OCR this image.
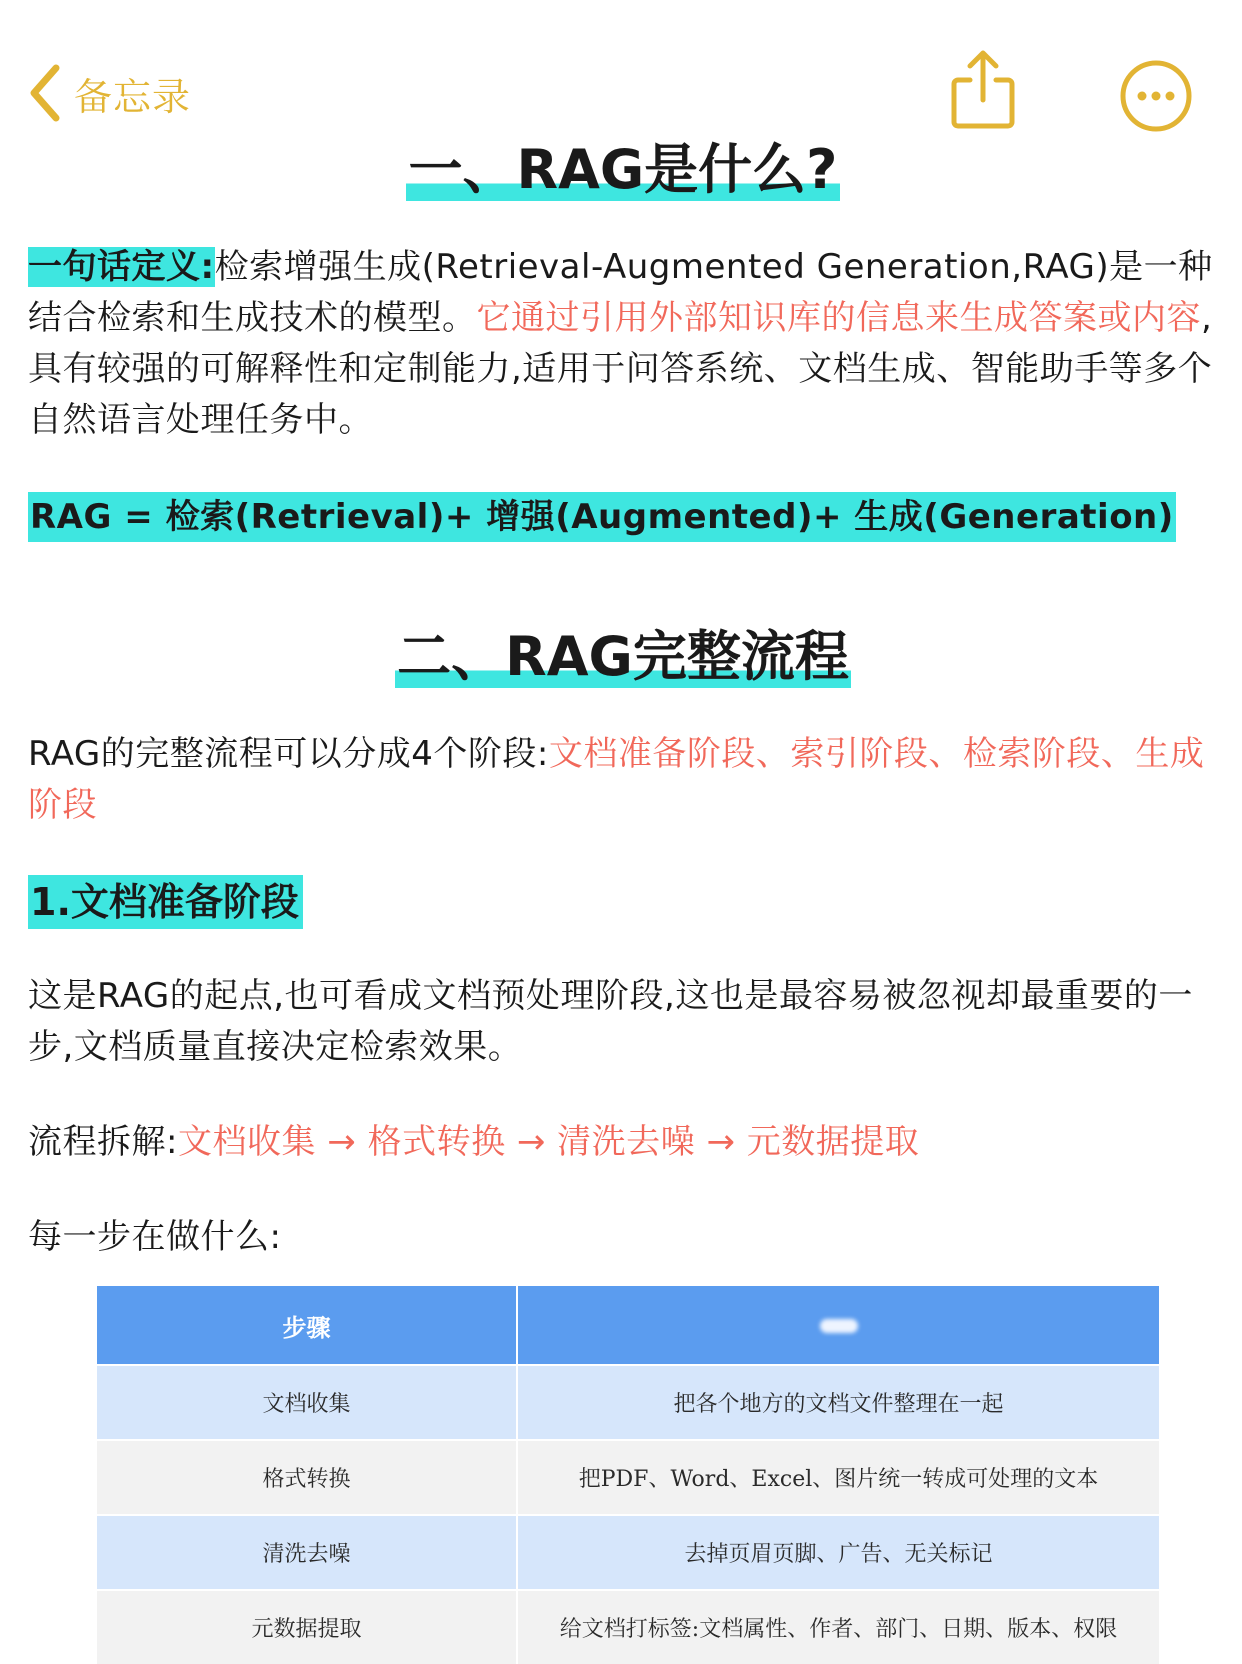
备忘录
一、RAG是什么?

一句话定义:检索增强生成(Retrieval-Augmented Generation,RAG)是一种结合检索和生成技术的模型。它通过引用外部知识库的信息来生成答案或内容,具有较强的可解释性和定制能力,适用于问答系统、文档生成、智能助手等多个自然语言处理任务中。

RAG = 检索(Retrieval)+ 增强(Augmented)+ 生成(Generation)

二、RAG完整流程

RAG的完整流程可以分成4个阶段:文档准备阶段、索引阶段、检索阶段、生成阶段

1.文档准备阶段

这是RAG的起点,也可看成文档预处理阶段,这也是最容易被忽视却最重要的一步,文档质量直接决定检索效果。

流程拆解:文档收集 → 格式转换 → 清洗去噪 → 元数据提取

每一步在做什么:

步骤	
文档收集	把各个地方的文档文件整理在一起
格式转换	把PDF、Word、Excel、图片统一转成可处理的文本
清洗去噪	去掉页眉页脚、广告、无关标记
元数据提取	给文档打标签:文档属性、作者、部门、日期、版本、权限
